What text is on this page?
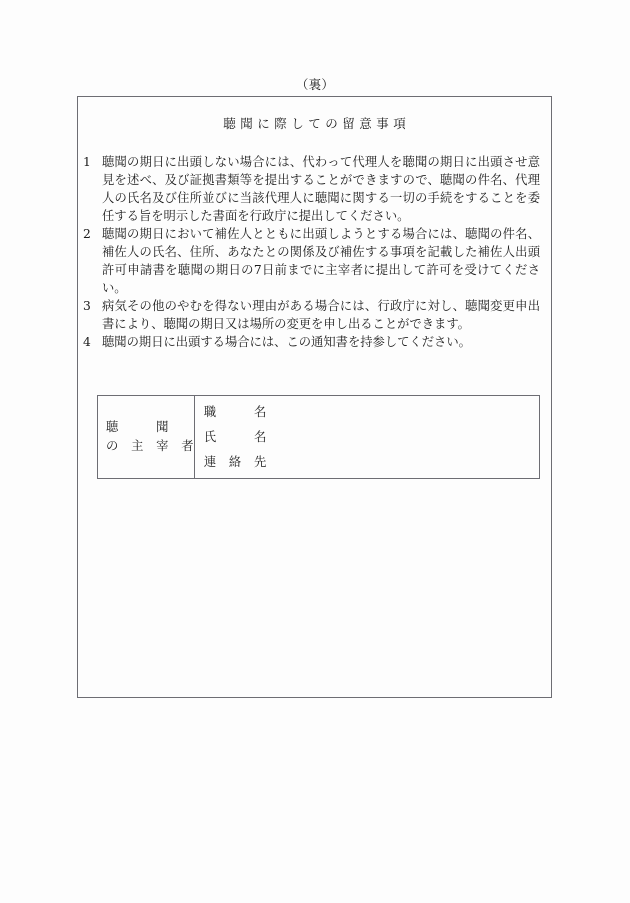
（裏）
聴聞に際しての留意事項
1 聴聞の期日に出頭しない場合には、代わって代理人を聴聞の期日に出頭させ意見を述べ、及び証拠書類等を提出することができますので、聴聞の件名、代理人の氏名及び住所並びに当該代理人に聴聞に関する一切の手続をすることを委任する旨を明示した書面を行政庁に提出してください。
2 聴聞の期日において補佐人とともに出頭しようとする場合には、聴聞の件名、補佐人の氏名、住所、あなたとの関係及び補佐する事項を記載した補佐人出頭許可申請書を聴聞の期日の7日前までに主宰者に提出して許可を受けてください。
3 病気その他のやむを得ない理由がある場合には、行政庁に対し、聴聞変更申出書により、聴聞の期日又は場所の変更を申し出ることができます。
4 聴聞の期日に出頭する場合には、この通知書を持参してください。
聴　　　聞
の　主　宰　者
職　　　名
氏　　　名
連　絡　先
